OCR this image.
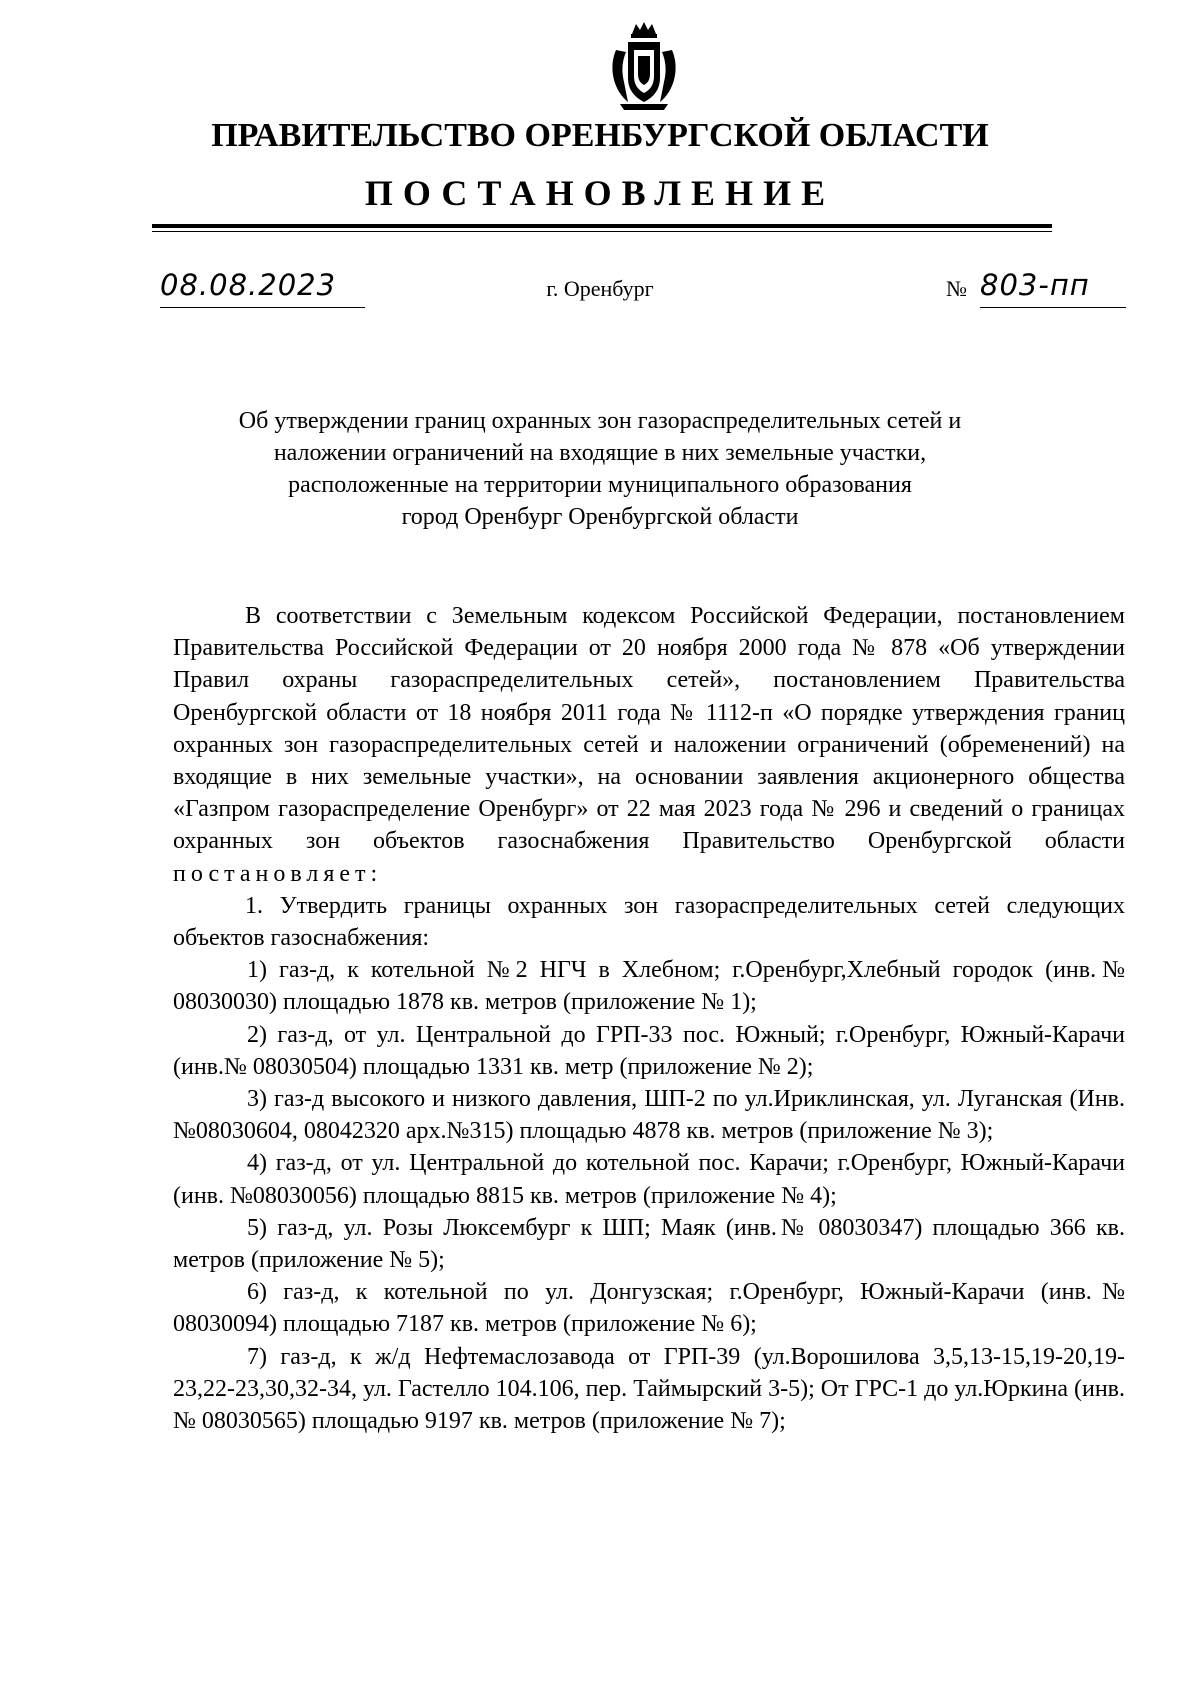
ПРАВИТЕЛЬСТВО ОРЕНБУРГСКОЙ ОБЛАСТИ
ПОСТАНОВЛЕНИЕ
08.08.2023	г. Оренбург	№ 803-пп
Об утверждении границ охранных зон газораспределительных сетей и
наложении ограничений на входящие в них земельные участки,
расположенные на территории муниципального образования
город Оренбург Оренбургской области

В соответствии с Земельным кодексом Российской Федерации, постановлением Правительства Российской Федерации от 20 ноября 2000 года № 878 «Об утверждении Правил охраны газораспределительных сетей», постановлением Правительства Оренбургской области от 18 ноября 2011 года № 1112-п «О порядке утверждения границ охранных зон газораспределительных сетей и наложении ограничений (обременений) на входящие в них земельные участки», на основании заявления акционерного общества «Газпром газораспределение Оренбург» от 22 мая 2023 года № 296 и сведений о границах охранных зон объектов газоснабжения Правительство Оренбургской области постановляет:

1. Утвердить границы охранных зон газораспределительных сетей следующих объектов газоснабжения:

1) газ-д, к котельной №2 НГЧ в Хлебном; г.Оренбург,Хлебный городок (инв.№ 08030030) площадью 1878 кв. метров (приложение № 1);

2) газ-д, от ул. Центральной до ГРП-33 пос. Южный; г.Оренбург, Южный-Карачи (инв.№ 08030504) площадью 1331 кв. метр (приложение № 2);

3) газ-д высокого и низкого давления, ШП-2 по ул.Ириклинская, ул. Луганская (Инв.№08030604, 08042320 арх.№315) площадью 4878 кв. метров (приложение № 3);

4) газ-д, от ул. Центральной до котельной пос. Карачи; г.Оренбург, Южный-Карачи (инв. №08030056) площадью 8815 кв. метров (приложение № 4);

5) газ-д, ул. Розы Люксембург к ШП; Маяк (инв.№ 08030347) площадью 366 кв. метров (приложение № 5);

6) газ-д, к котельной по ул. Донгузская; г.Оренбург, Южный-Карачи (инв.№ 08030094) площадью 7187 кв. метров (приложение № 6);

7) газ-д, к ж/д Нефтемаслозавода от ГРП-39 (ул.Ворошилова 3,5,13-15,19-20,19-23,22-23,30,32-34, ул. Гастелло 104.106, пер. Таймырский 3-5); От ГРС-1 до ул.Юркина (инв. № 08030565) площадью 9197 кв. метров (приложение № 7);
